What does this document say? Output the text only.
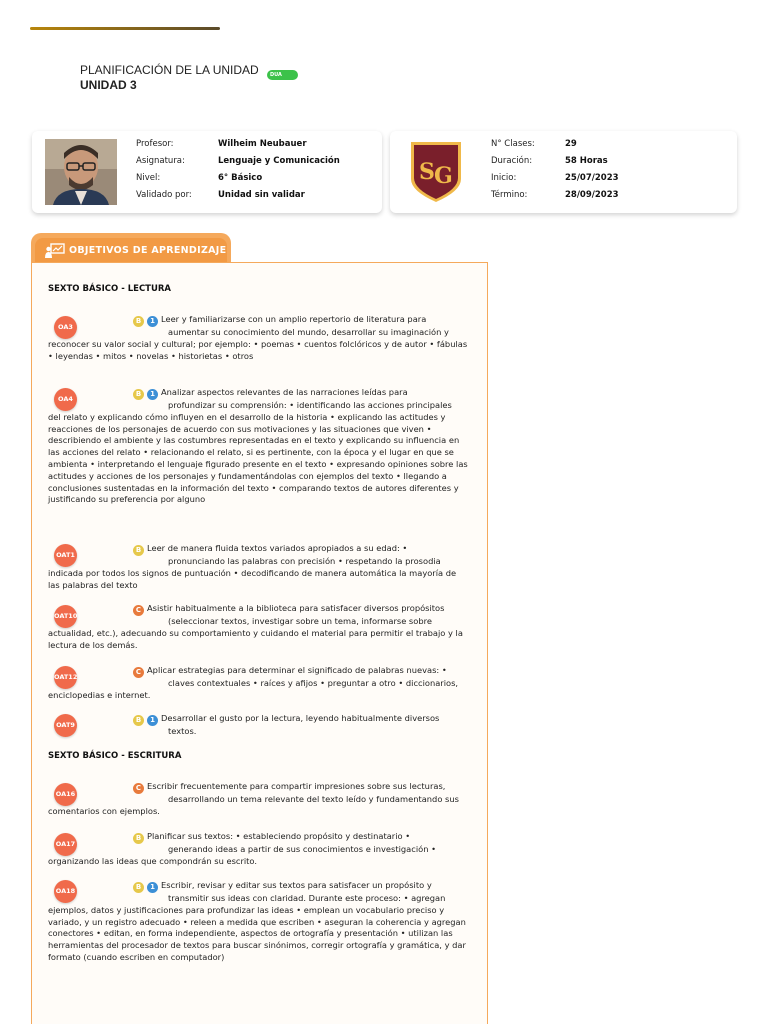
PLANIFICACIÓN DE LA UNIDAD	DUA
UNIDAD 3
Profesor:
Asignatura:
Nivel:
Validado por:
Wilheim Neubauer
Lenguaje y Comunicación
6° Básico
Unidad sin validar
S G
N° Clases:
Duración:
Inicio:
Término:
29
58 Horas
25/07/2023
28/09/2023
OBJETIVOS DE APRENDIZAJE
SEXTO BÁSICO - LECTURA
SEXTO BÁSICO - ESCRITURA
OA3
B 1 Leer y familiarizarse con un amplio repertorio de literatura para
aumentar su conocimiento del mundo, desarrollar su imaginación y
reconocer su valor social y cultural; por ejemplo: • poemas • cuentos folclóricos y de autor • fábulas • leyendas • mitos • novelas • historietas • otros
OA4
B 1 Analizar aspectos relevantes de las narraciones leídas para
profundizar su comprensión: • identificando las acciones principales
del relato y explicando cómo influyen en el desarrollo de la historia • explicando las actitudes y reacciones de los personajes de acuerdo con sus motivaciones y las situaciones que viven • describiendo el ambiente y las costumbres representadas en el texto y explicando su influencia en las acciones del relato • relacionando el relato, si es pertinente, con la época y el lugar en que se ambienta • interpretando el lenguaje figurado presente en el texto • expresando opiniones sobre las actitudes y acciones de los personajes y fundamentándolas con ejemplos del texto • llegando a conclusiones sustentadas en la información del texto • comparando textos de autores diferentes y justificando su preferencia por alguno
OAT1
B Leer de manera fluida textos variados apropiados a su edad: •
pronunciando las palabras con precisión • respetando la prosodia
indicada por todos los signos de puntuación • decodificando de manera automática la mayoría de las palabras del texto
OAT10
C Asistir habitualmente a la biblioteca para satisfacer diversos propósitos
(seleccionar textos, investigar sobre un tema, informarse sobre
actualidad, etc.), adecuando su comportamiento y cuidando el material para permitir el trabajo y la lectura de los demás.
OAT12
C Aplicar estrategias para determinar el significado de palabras nuevas: •
claves contextuales • raíces y afijos • preguntar a otro • diccionarios,
enciclopedias e internet.
OAT9
B 1 Desarrollar el gusto por la lectura, leyendo habitualmente diversos
textos.
OA16
C Escribir frecuentemente para compartir impresiones sobre sus lecturas,
desarrollando un tema relevante del texto leído y fundamentando sus
comentarios con ejemplos.
OA17
B Planificar sus textos: • estableciendo propósito y destinatario •
generando ideas a partir de sus conocimientos e investigación •
organizando las ideas que compondrán su escrito.
OA18	B 1 Escribir, revisar y editar sus textos para satisfacer un propósito y
transmitir sus ideas con claridad. Durante este proceso: • agregan
ejemplos, datos y justificaciones para profundizar las ideas • emplean un vocabulario preciso y variado, y un registro adecuado • releen a medida que escriben • aseguran la coherencia y agregan conectores • editan, en forma independiente, aspectos de ortografía y presentación • utilizan las herramientas del procesador de textos para buscar sinónimos, corregir ortografía y gramática, y dar formato (cuando escriben en computador)
